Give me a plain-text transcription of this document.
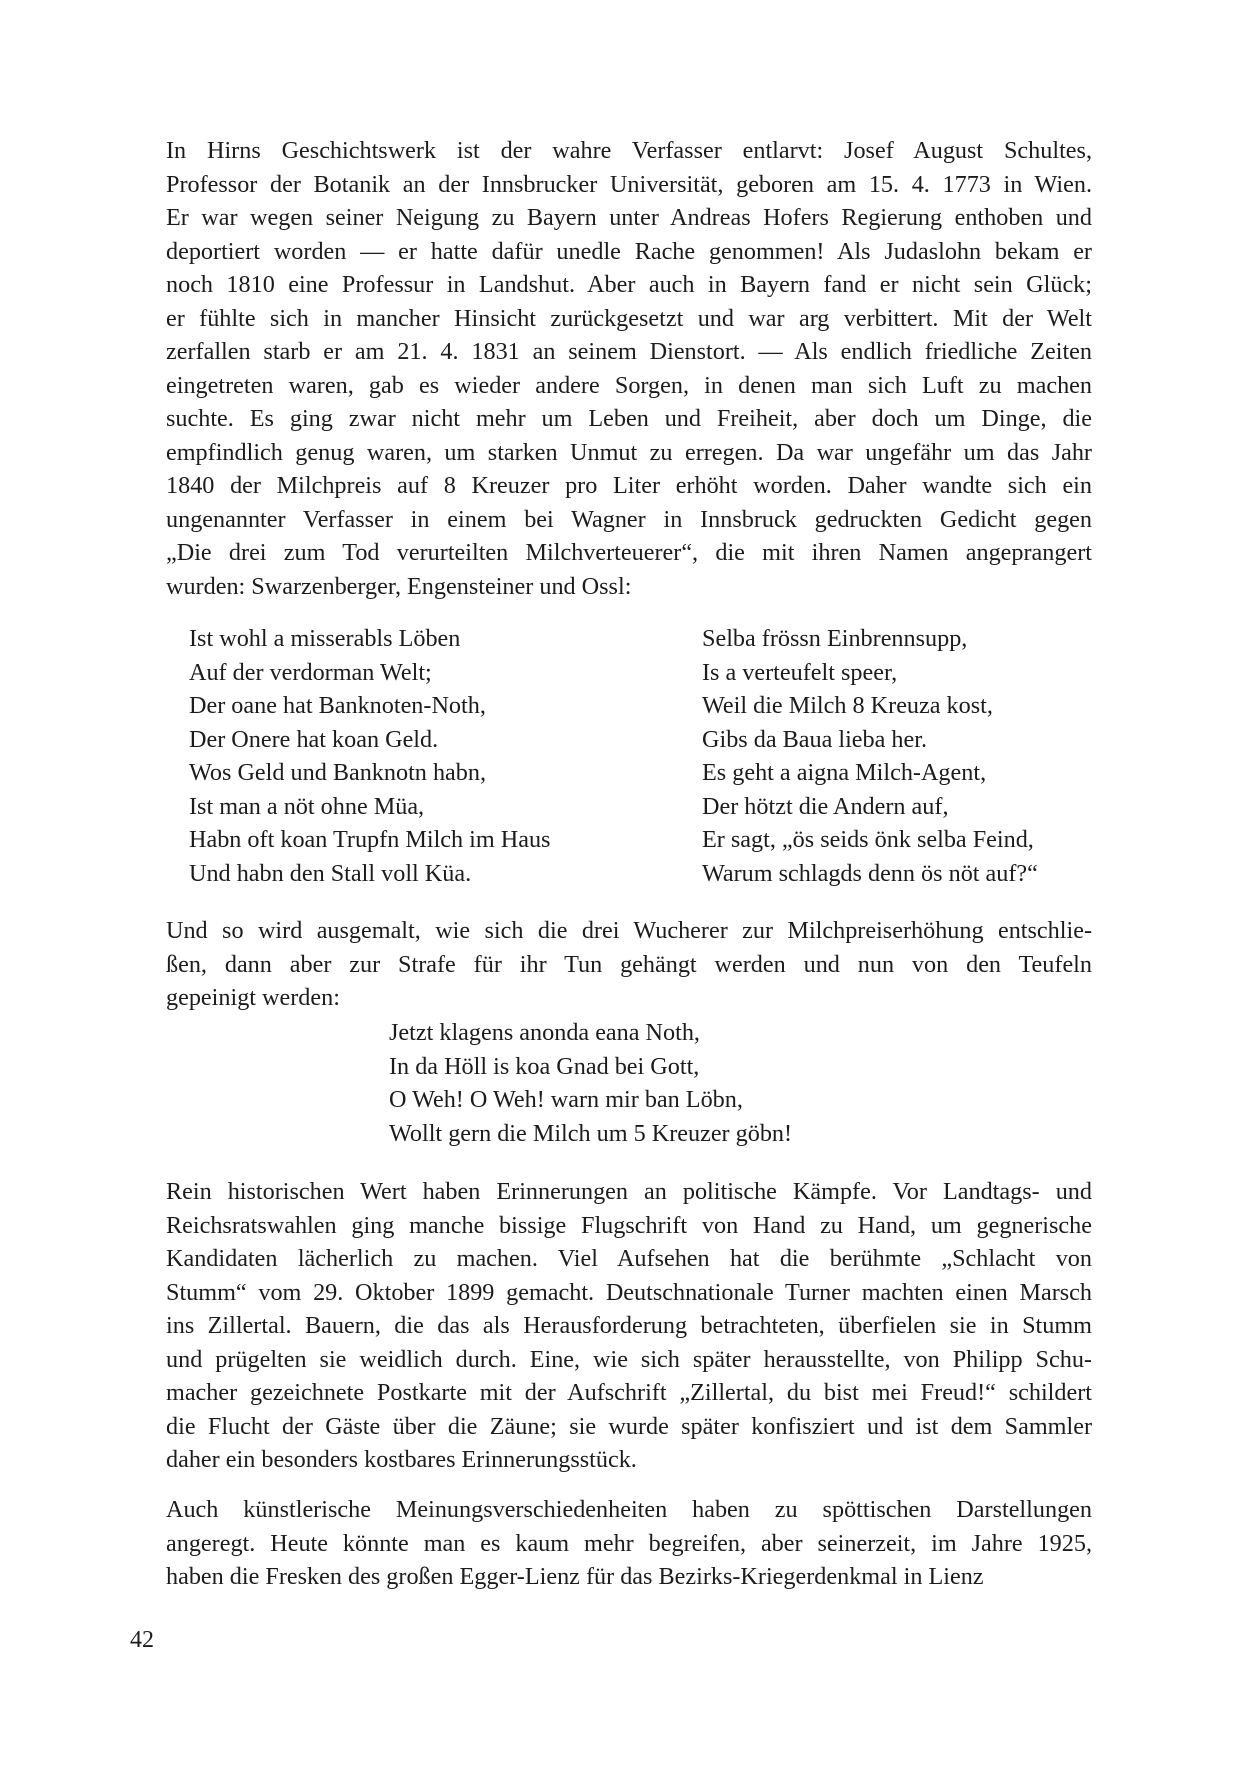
In Hirns Geschichtswerk ist der wahre Verfasser entlarvt: Josef August Schultes,
Professor der Botanik an der Innsbrucker Universität, geboren am 15. 4. 1773 in Wien.
Er war wegen seiner Neigung zu Bayern unter Andreas Hofers Regierung enthoben und
deportiert worden — er hatte dafür unedle Rache genommen! Als Judaslohn bekam er
noch 1810 eine Professur in Landshut. Aber auch in Bayern fand er nicht sein Glück;
er fühlte sich in mancher Hinsicht zurückgesetzt und war arg verbittert. Mit der Welt
zerfallen starb er am 21. 4. 1831 an seinem Dienstort. — Als endlich friedliche Zeiten
eingetreten waren, gab es wieder andere Sorgen, in denen man sich Luft zu machen
suchte. Es ging zwar nicht mehr um Leben und Freiheit, aber doch um Dinge, die
empfindlich genug waren, um starken Unmut zu erregen. Da war ungefähr um das Jahr
1840 der Milchpreis auf 8 Kreuzer pro Liter erhöht worden. Daher wandte sich ein
ungenannter Verfasser in einem bei Wagner in Innsbruck gedruckten Gedicht gegen
„Die drei zum Tod verurteilten Milchverteuerer“, die mit ihren Namen angeprangert
wurden: Swarzenberger, Engensteiner und Ossl:
Ist wohl a misserabls Löben
Auf der verdorman Welt;
Der oane hat Banknoten-Noth,
Der Onere hat koan Geld.
Wos Geld und Banknotn habn,
Ist man a nöt ohne Müa,
Habn oft koan Trupfn Milch im Haus
Und habn den Stall voll Küa.
Selba frössn Einbrennsupp,
Is a verteufelt speer,
Weil die Milch 8 Kreuza kost,
Gibs da Baua lieba her.
Es geht a aigna Milch-Agent,
Der hötzt die Andern auf,
Er sagt, „ös seids önk selba Feind,
Warum schlagds denn ös nöt auf?“
Und so wird ausgemalt, wie sich die drei Wucherer zur Milchpreiserhöhung entschlie-
ßen, dann aber zur Strafe für ihr Tun gehängt werden und nun von den Teufeln
gepeinigt werden:
Jetzt klagens anonda eana Noth,
In da Höll is koa Gnad bei Gott,
O Weh! O Weh! warn mir ban Löbn,
Wollt gern die Milch um 5 Kreuzer göbn!
Rein historischen Wert haben Erinnerungen an politische Kämpfe. Vor Landtags- und
Reichsratswahlen ging manche bissige Flugschrift von Hand zu Hand, um gegnerische
Kandidaten lächerlich zu machen. Viel Aufsehen hat die berühmte „Schlacht von
Stumm“ vom 29. Oktober 1899 gemacht. Deutschnationale Turner machten einen Marsch
ins Zillertal. Bauern, die das als Herausforderung betrachteten, überfielen sie in Stumm
und prügelten sie weidlich durch. Eine, wie sich später herausstellte, von Philipp Schu-
macher gezeichnete Postkarte mit der Aufschrift „Zillertal, du bist mei Freud!“ schildert
die Flucht der Gäste über die Zäune; sie wurde später konfisziert und ist dem Sammler
daher ein besonders kostbares Erinnerungsstück.
Auch künstlerische Meinungsverschiedenheiten haben zu spöttischen Darstellungen
angeregt. Heute könnte man es kaum mehr begreifen, aber seinerzeit, im Jahre 1925,
haben die Fresken des großen Egger-Lienz für das Bezirks-Kriegerdenkmal in Lienz
42
